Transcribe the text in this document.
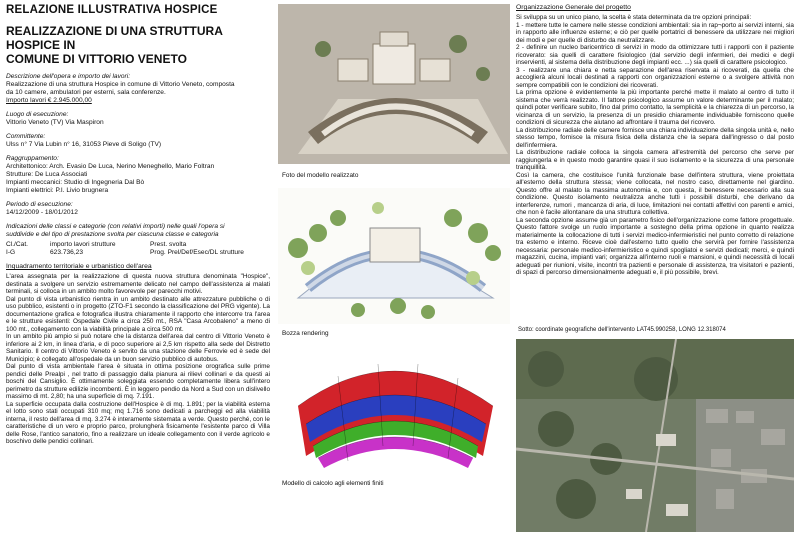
RELAZIONE ILLUSTRATIVA HOSPICE
REALIZZAZIONE DI UNA STRUTTURA HOSPICE IN
COMUNE DI VITTORIO VENETO
Descrizione dell'opera e importo dei lavori:
Realizzazione di una struttura Hospice in comune di Vittorio Veneto, composta
da 10 camere, ambulatori per esterni, sala conferenze.
Importo lavori € 2.945.000,00
Luogo di esecuzione:
Vittorio Veneto (TV) Via Maspiron
Committente:
Ulss n° 7 Via Lubin n° 16, 31053 Pieve di Soligo (TV)
Raggruppamento:
Architettonico: Arch. Evasio De Luca, Nerino Meneghello, Mario Foltran
Strutture: De Luca Associati
Impianti meccanici: Studio di Ingegneria Dal Bò
Impianti elettrici: P.I. Livio brugnera
Periodo di esecuzione:
14/12/2009 - 18/01/2012
Indicazioni delle classi e categorie (con relativi importi) nelle quali l'opera si
suddivide e del tipo di prestazione svolta per ciascuna classe e categoria
Cl./Cat.	importo lavori strutture	Prest. svolta
I-G	623.736,23	Prog. Prel/Def/Esec/DL strutture
Inquadramento territoriale e urbanistico dell'area

L'area assegnata per la realizzazione di questa nuova struttura denominata "Hospice", destinata a svolgere un servizio estremamente delicato nel campo dell'assistenza ai malati terminali, si colloca in un ambito molto favorevole per parecchi motivi.

Dal punto di vista urbanistico rientra in un ambito destinato alle attrezzature pubbliche o di uso pubblico, esistenti o in progetto (ZTO-F1 secondo la classificazione del PRG vigente). La documentazione grafica e fotografica illustra chiaramente il rapporto che intercorre tra l'area e le strutture esistenti: Ospedale Civile a circa 250 mt., RSA "Casa Arcobaleno" a meno di 100 mt., collegamento con la viabilità principale a circa 500 mt.

In un ambito più ampio si può notare che la distanza dell'area dal centro di Vittorio Veneto è inferiore ai 2 km, in linea d'aria, e di poco superiore ai 2,5 km rispetto alla sede del Distretto Sanitario. Il centro di Vittorio Veneto è servito da una stazione delle Ferrovie ed è sede del Municipio; è collegato all'ospedale da un buon servizio pubblico di autobus.

Dal punto di vista ambientale l'area è situata in ottima posizione orografica sulle prime pendici delle Prealpi , nel tratto di passaggio dalla pianura ai rilievi collinari e da questi ai boschi del Cansiglio. È ottimamente soleggiata essendo completamente libera sull'intero perimetro da strutture edilizie incombenti. È in leggero pendio da Nord a Sud con un dislivello massimo di mt. 2,80; ha una superficie di mq. 7.191.

La superficie occupata dalla costruzione dell'Hospice è di mq. 1.891; per la viabilità esterna el lotto sono stati occupati 310 mq; mq 1.716 sono dedicati a parcheggi ed alla viabilità interna, il resto dell'area di mq. 3.274 è interamente sistemata a verde. Questo perché, con le caratteristiche di un vero e proprio parco, prolungherà fisicamente l'esistente parco di Villa delle Rose, l'antico sanatorio, fino a realizzare un ideale collegamento con il verde agricolo e boschivo delle pendici collinari.

Foto del modello realizzato
Bozza rendering
Modello di calcolo agli elementi finiti
Organizzazione Generale del progetto

Si sviluppa su un unico piano, la scelta è stata determinata da tre opzioni principali:

1 - mettere tutte le camere nelle stesse condizioni ambientali: sia in rap¬porto ai servizi interni, sia in rapporto alle influenze esterne; e ciò per quelle portatrici di benessere da utilizzare nei migliori dei modi e per quelle di disturbo da neutralizzare.

2 - definire un nucleo baricentrico di servizi in modo da ottimizzare tutti i rapporti con il paziente ricoverato: sia quelli di carattere fisiologico (dal servizio degli infermieri, dei medici e degli inservienti, al sistema della distribuzione degli impianti ecc. ...) sia quelli di carattere psicologico.

3 - realizzare una chiara e netta separazione dell'area riservata ai ricoverati, da quella che accoglierà alcuni locali destinati a rapporti con organizzazioni esterne o a svolgere attività non sempre compatibili con le condizioni dei ricoverati.

La prima opzione è evidentemente la più importante perché mette il malato al centro di tutto il sistema che verrà realizzato. Il fattore psicologico assume un valore determinante per il malato; quindi poter verificare subito, fino dal primo contatto, la semplicità e la chiarezza di un percorso, la vicinanza di un servizio, la presenza di un presidio chiaramente individuabile forniscono quelle condizioni di sicurezza che aiutano ad affrontare il trauma del ricovero.

La distribuzione radiale delle camere fornisce una chiara individuazione della singola unità e, nello stesso tempo, fornisce la misura fisica della distanza che la separa dall'ingresso o dal posto dell'infermiera.

La distribuzione radiale colloca la singola camera all'estremità del percorso che serve per raggiungerla e in questo modo garantire quasi il suo isolamento e la sicurezza di una personale tranquillità.

Così la camera, che costituisce l'unità funzionale base dell'intera struttura, viene proiettata all'esterno della struttura stessa; viene collocata, nel nostro caso, direttamente nel giardino. Questo offre al malato la massima autonomia e, con questa, il benessere necessario alla sua condizione. Questo isolamento neutralizza anche tutti i possibili disturbi, che derivano da interferenze, rumori , mancanza di aria, di luce, limitazioni nei contatti affettivi con parenti e amici, che non è facile allontanare da una struttura collettiva.

La seconda opzione assume già un parametro fisico dell'organizzazione come fattore progettuale. Questo fattore svolge un ruolo importante a sostegno della prima opzione in quanto realizza materialmente la collocazione di tutti i servizi medico-infermieristici nel punto corretto di relazione tra esterno e interno. Riceve cioè dall'esterno tutto quello che servirà per fornire l'assistenza necessaria: personale medico-infermieristico e quindi spogliatoi e servizi dedicati; merci, e quindi magazzini, cucina, impianti vari; organizza all'interno ruoli e mansioni, e quindi necessità di locali adeguati per riunioni, visite, incontri tra pazienti e personale di assistenza, tra visitatori e pazienti, di spazi di percorso dimensionalmente adeguati e, il più possibile, brevi.

Sotto: coordinate geografiche dell'intervento LAT45.990258, LONG 12.318074
